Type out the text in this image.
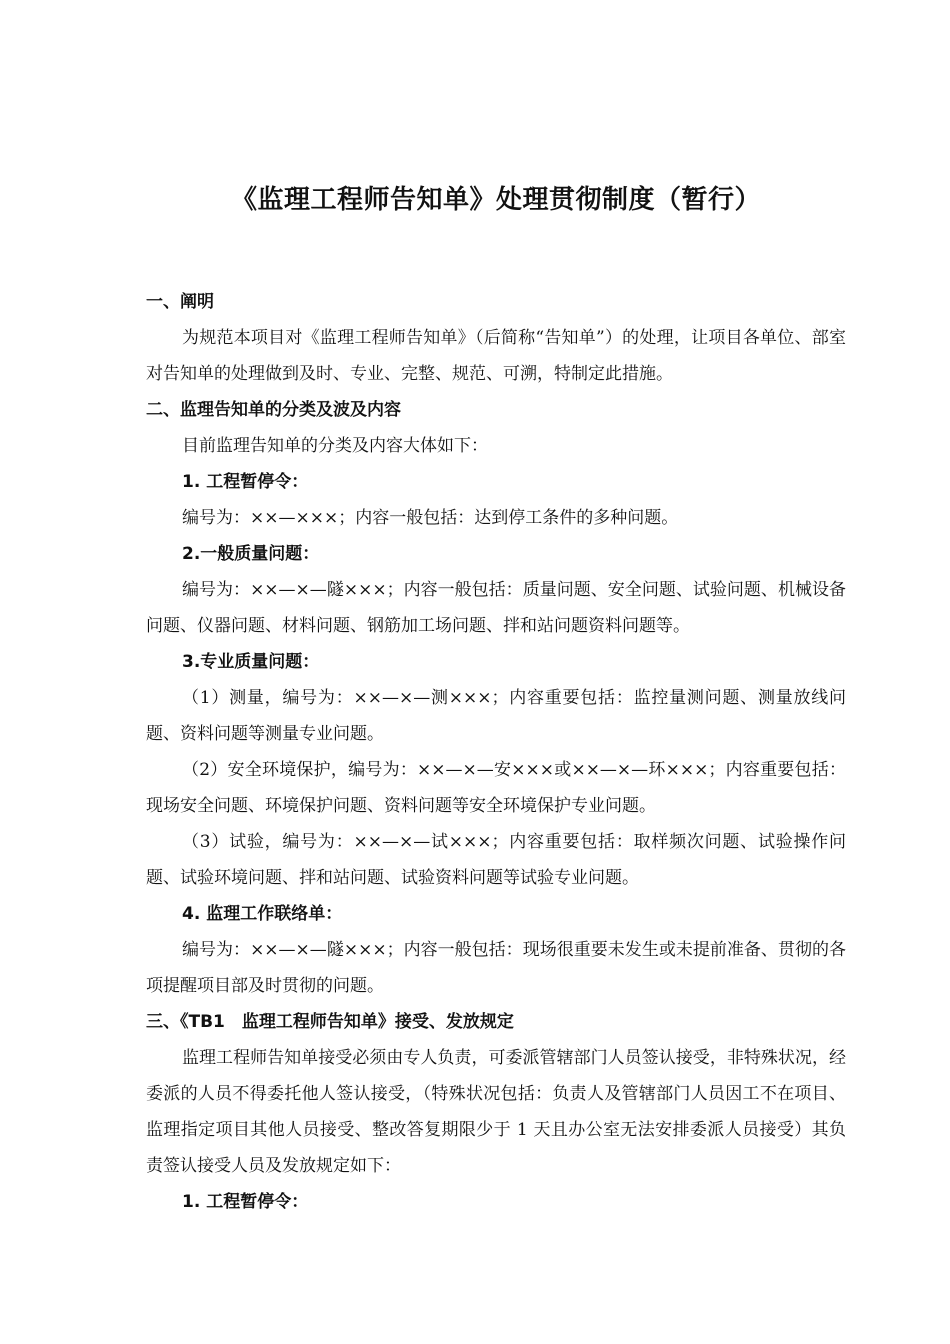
《监理工程师告知单》处理贯彻制度（暂行）
一、阐明

为规范本项目对《监理工程师告知单》（后简称“告知单”）的处理，让项目各单位、部室对告知单的处理做到及时、专业、完整、规范、可溯，特制定此措施。

二、监理告知单的分类及波及内容

目前监理告知单的分类及内容大体如下：

1. 工程暂停令：

编号为：××—×××；内容一般包括：达到停工条件的多种问题。

2.一般质量问题：

编号为：××—×—隧×××；内容一般包括：质量问题、安全问题、试验问题、机械设备问题、仪器问题、材料问题、钢筋加工场问题、拌和站问题资料问题等。

3.专业质量问题：

（1）测量，编号为：××—×—测×××；内容重要包括：监控量测问题、测量放线问题、资料问题等测量专业问题。

（2）安全环境保护，编号为：××—×—安×××或××—×—环×××；内容重要包括：现场安全问题、环境保护问题、资料问题等安全环境保护专业问题。

（3）试验，编号为：××—×—试×××；内容重要包括：取样频次问题、试验操作问题、试验环境问题、拌和站问题、试验资料问题等试验专业问题。

4. 监理工作联络单：

编号为：××—×—隧×××；内容一般包括：现场很重要未发生或未提前准备、贯彻的各项提醒项目部及时贯彻的问题。

三、《TB1　监理工程师告知单》接受、发放规定

监理工程师告知单接受必须由专人负责，可委派管辖部门人员签认接受，非特殊状况，经委派的人员不得委托他人签认接受，（特殊状况包括：负责人及管辖部门人员因工不在项目、监理指定项目其他人员接受、整改答复期限少于 1 天且办公室无法安排委派人员接受）其负责签认接受人员及发放规定如下：

1. 工程暂停令：
